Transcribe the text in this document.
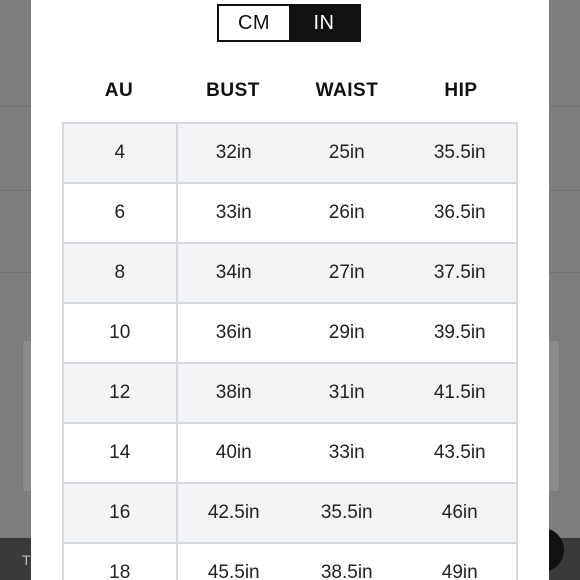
T
CM	IN
AU	BUST	WAIST	HIP
4	32in	25in	35.5in
6	33in	26in	36.5in
8	34in	27in	37.5in
10	36in	29in	39.5in
12	38in	31in	41.5in
14	40in	33in	43.5in
16	42.5in	35.5in	46in
18	45.5in	38.5in	49in
